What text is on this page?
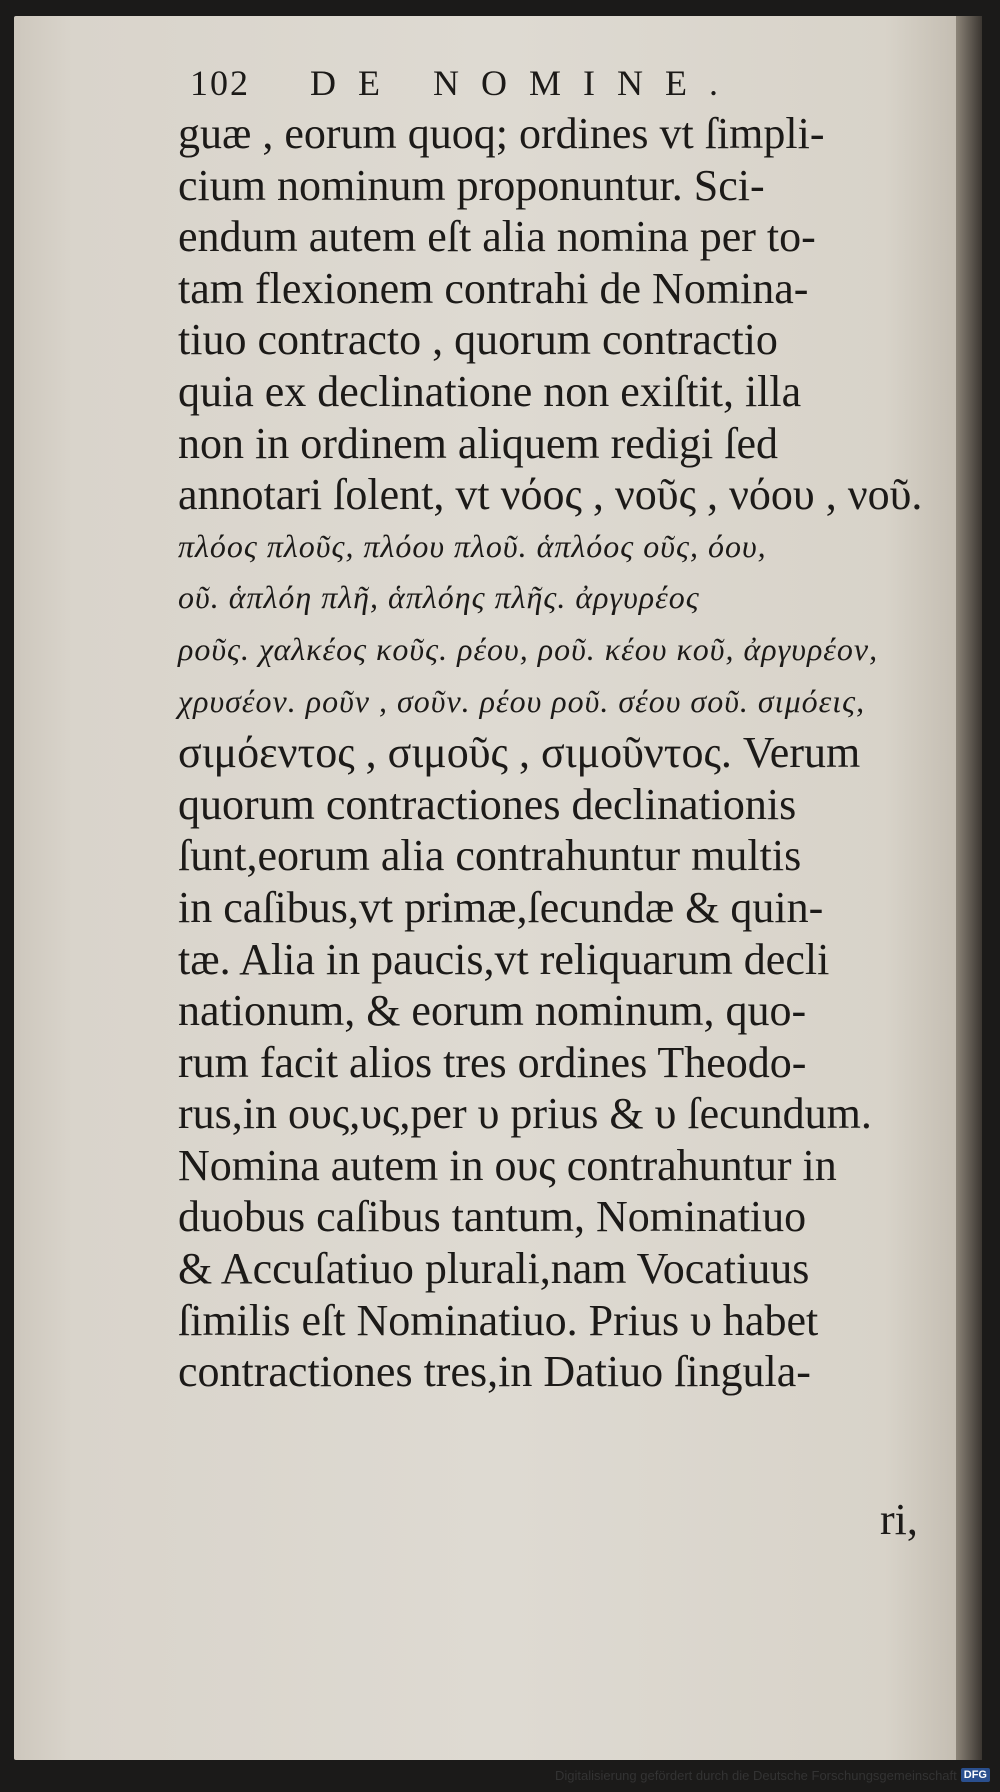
102 DE NOMINE.
guæ , eorum quoq; ordines vt ſimpli-
cium nominum proponuntur. Sci-
endum autem eſt alia nomina per to-
tam flexionem contrahi de Nomina-
tiuo contracto , quorum contractio
quia ex declinatione non exiſtit, illa
non in ordinem aliquem redigi ſed
annotari ſolent, vt νόος , νοῦς , νόου , νοῦ.
πλόος πλοῦς, πλόου πλοῦ. ἁπλόος οῦς, όου,
οῦ. ἁπλόη πλῆ, ἁπλόης πλῆς. ἀργυρέος
ροῦς. χαλκέος κοῦς. ρέου, ροῦ. κέου κοῦ, ἀργυρέον,
χρυσέον. ροῦν , σοῦν. ρέου ροῦ. σέου σοῦ. σιμόεις,
σιμόεντος , σιμοῦς , σιμοῦντος. Verum
quorum contractiones declinationis
ſunt,eorum alia contrahuntur multis
in caſibus,vt primæ,ſecundæ & quin-
tæ. Alia in paucis,vt reliquarum decli
nationum, & eorum nominum, quo-
rum facit alios tres ordines Theodo-
rus,in ους,υς,per υ prius & υ ſecundum.
Nomina autem in ους contrahuntur in
duobus caſibus tantum, Nominatiuo
& Accuſatiuo plurali,nam Vocatiuus
ſimilis eſt Nominatiuo. Prius υ habet
contractiones tres,in Datiuo ſingula-
ri,
Digitalisierung gefördert durch die Deutsche Forschungsgemeinschaft DFG
